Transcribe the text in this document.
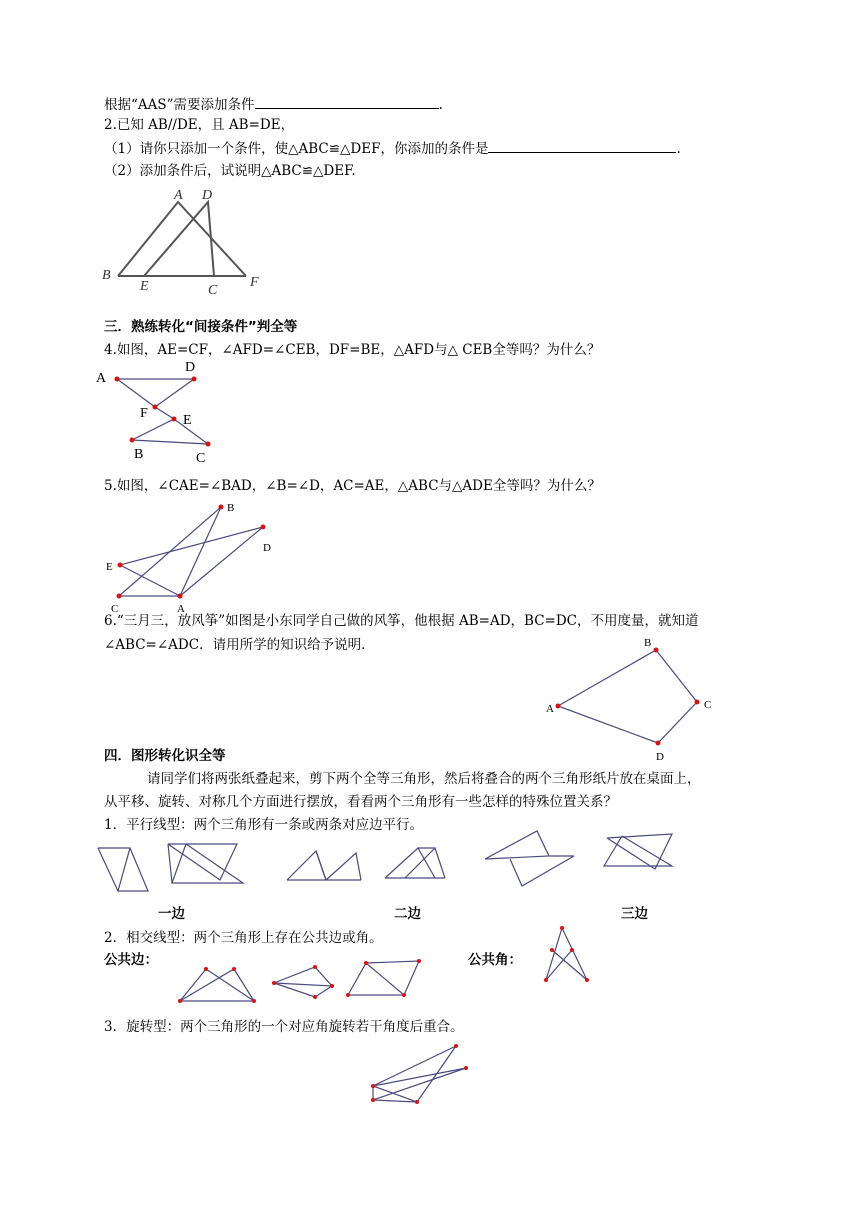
根据“AAS”需要添加条件	.
2.已知 AB//DE，且 AB=DE，
（1）请你只添加一个条件，使△ABC≌△DEF，你添加的条件是	.
（2）添加条件后，试说明△ABC≌△DEF.
A D
B
E	C
F
三．熟练转化“间接条件”判全等
4.如图，AE=CF，∠AFD=∠CEB，DF=BE，△AFD与△ CEB全等吗？为什么？
A
D
F	E
B	C
5.如图，∠CAE=∠BAD，∠B=∠D，AC=AE，△ABC与△ADE全等吗？为什么？
B
D
E
C	A
6.“三月三，放风筝”如图是小东同学自己做的风筝，他根据 AB=AD，BC=DC，不用度量，就知道
∠ABC=∠ADC．请用所学的知识给予说明．	B
A	C
D
四．图形转化识全等
请同学们将两张纸叠起来，剪下两个全等三角形，然后将叠合的两个三角形纸片放在桌面上，
从平移、旋转、对称几个方面进行摆放，看看两个三角形有一些怎样的特殊位置关系？
1．平行线型：两个三角形有一条或两条对应边平行。
一边	二边	三边
2．相交线型：两个三角形上存在公共边或角。
公共边：	公共角：
3．旋转型：两个三角形的一个对应角旋转若干角度后重合。
